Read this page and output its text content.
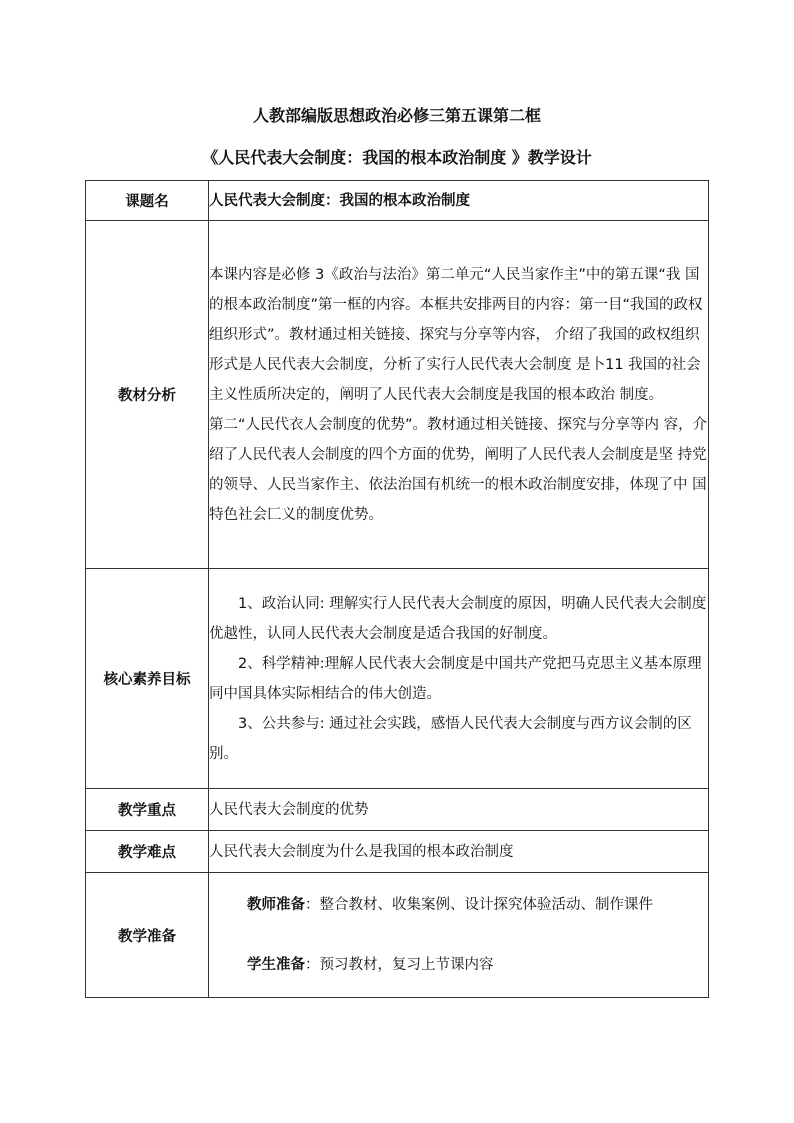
人教部编版思想政治必修三第五课第二框
《人民代表大会制度：我国的根本政治制度 》教学设计
课题名	人民代表大会制度：我国的根本政治制度
教材分析	本课内容是必修 3《政治与法治》第二单元“人民当家作主”中的第五课“我 国的根本政治制度”第一框的内容。本框共安排两目的内容：第一目“我国的政权组织形式”。教材通过相关链接、探究与分享等内容， 介绍了我国的政权组织形式是人民代表大会制度，分析了实行人民代表大会制度 是卜11 我国的社会主义性质所决定的，阐明了人民代表大会制度是我国的根本政治 制度。

第二“人民代衣人会制度的优势”。教材通过相关链接、探究与分享等内 容，介绍了人民代表人会制度的四个方面的优势，阐明了人民代表人会制度是坚 持党的领导、人民当家作主、依法治国有机统一的根木政治制度安排，体现了中 国特色社会匚义的制度优势。

核心素养目标	1、政治认同: 理解实行人民代表大会制度的原因，明确人民代表大会制度优越性，认同人民代表大会制度是适合我国的好制度。

2、科学精神:理解人民代表大会制度是中国共产党把马克思主义基本原理同中国具体实际相结合的伟大创造。

3、公共参与: 通过社会实践，感悟人民代表大会制度与西方议会制的区别。

教学重点	人民代表大会制度的优势
教学难点	人民代表大会制度为什么是我国的根本政治制度
教学准备	教师准备：整合教材、收集案例、设计探究体验活动、制作课件

学生准备：预习教材，复习上节课内容
